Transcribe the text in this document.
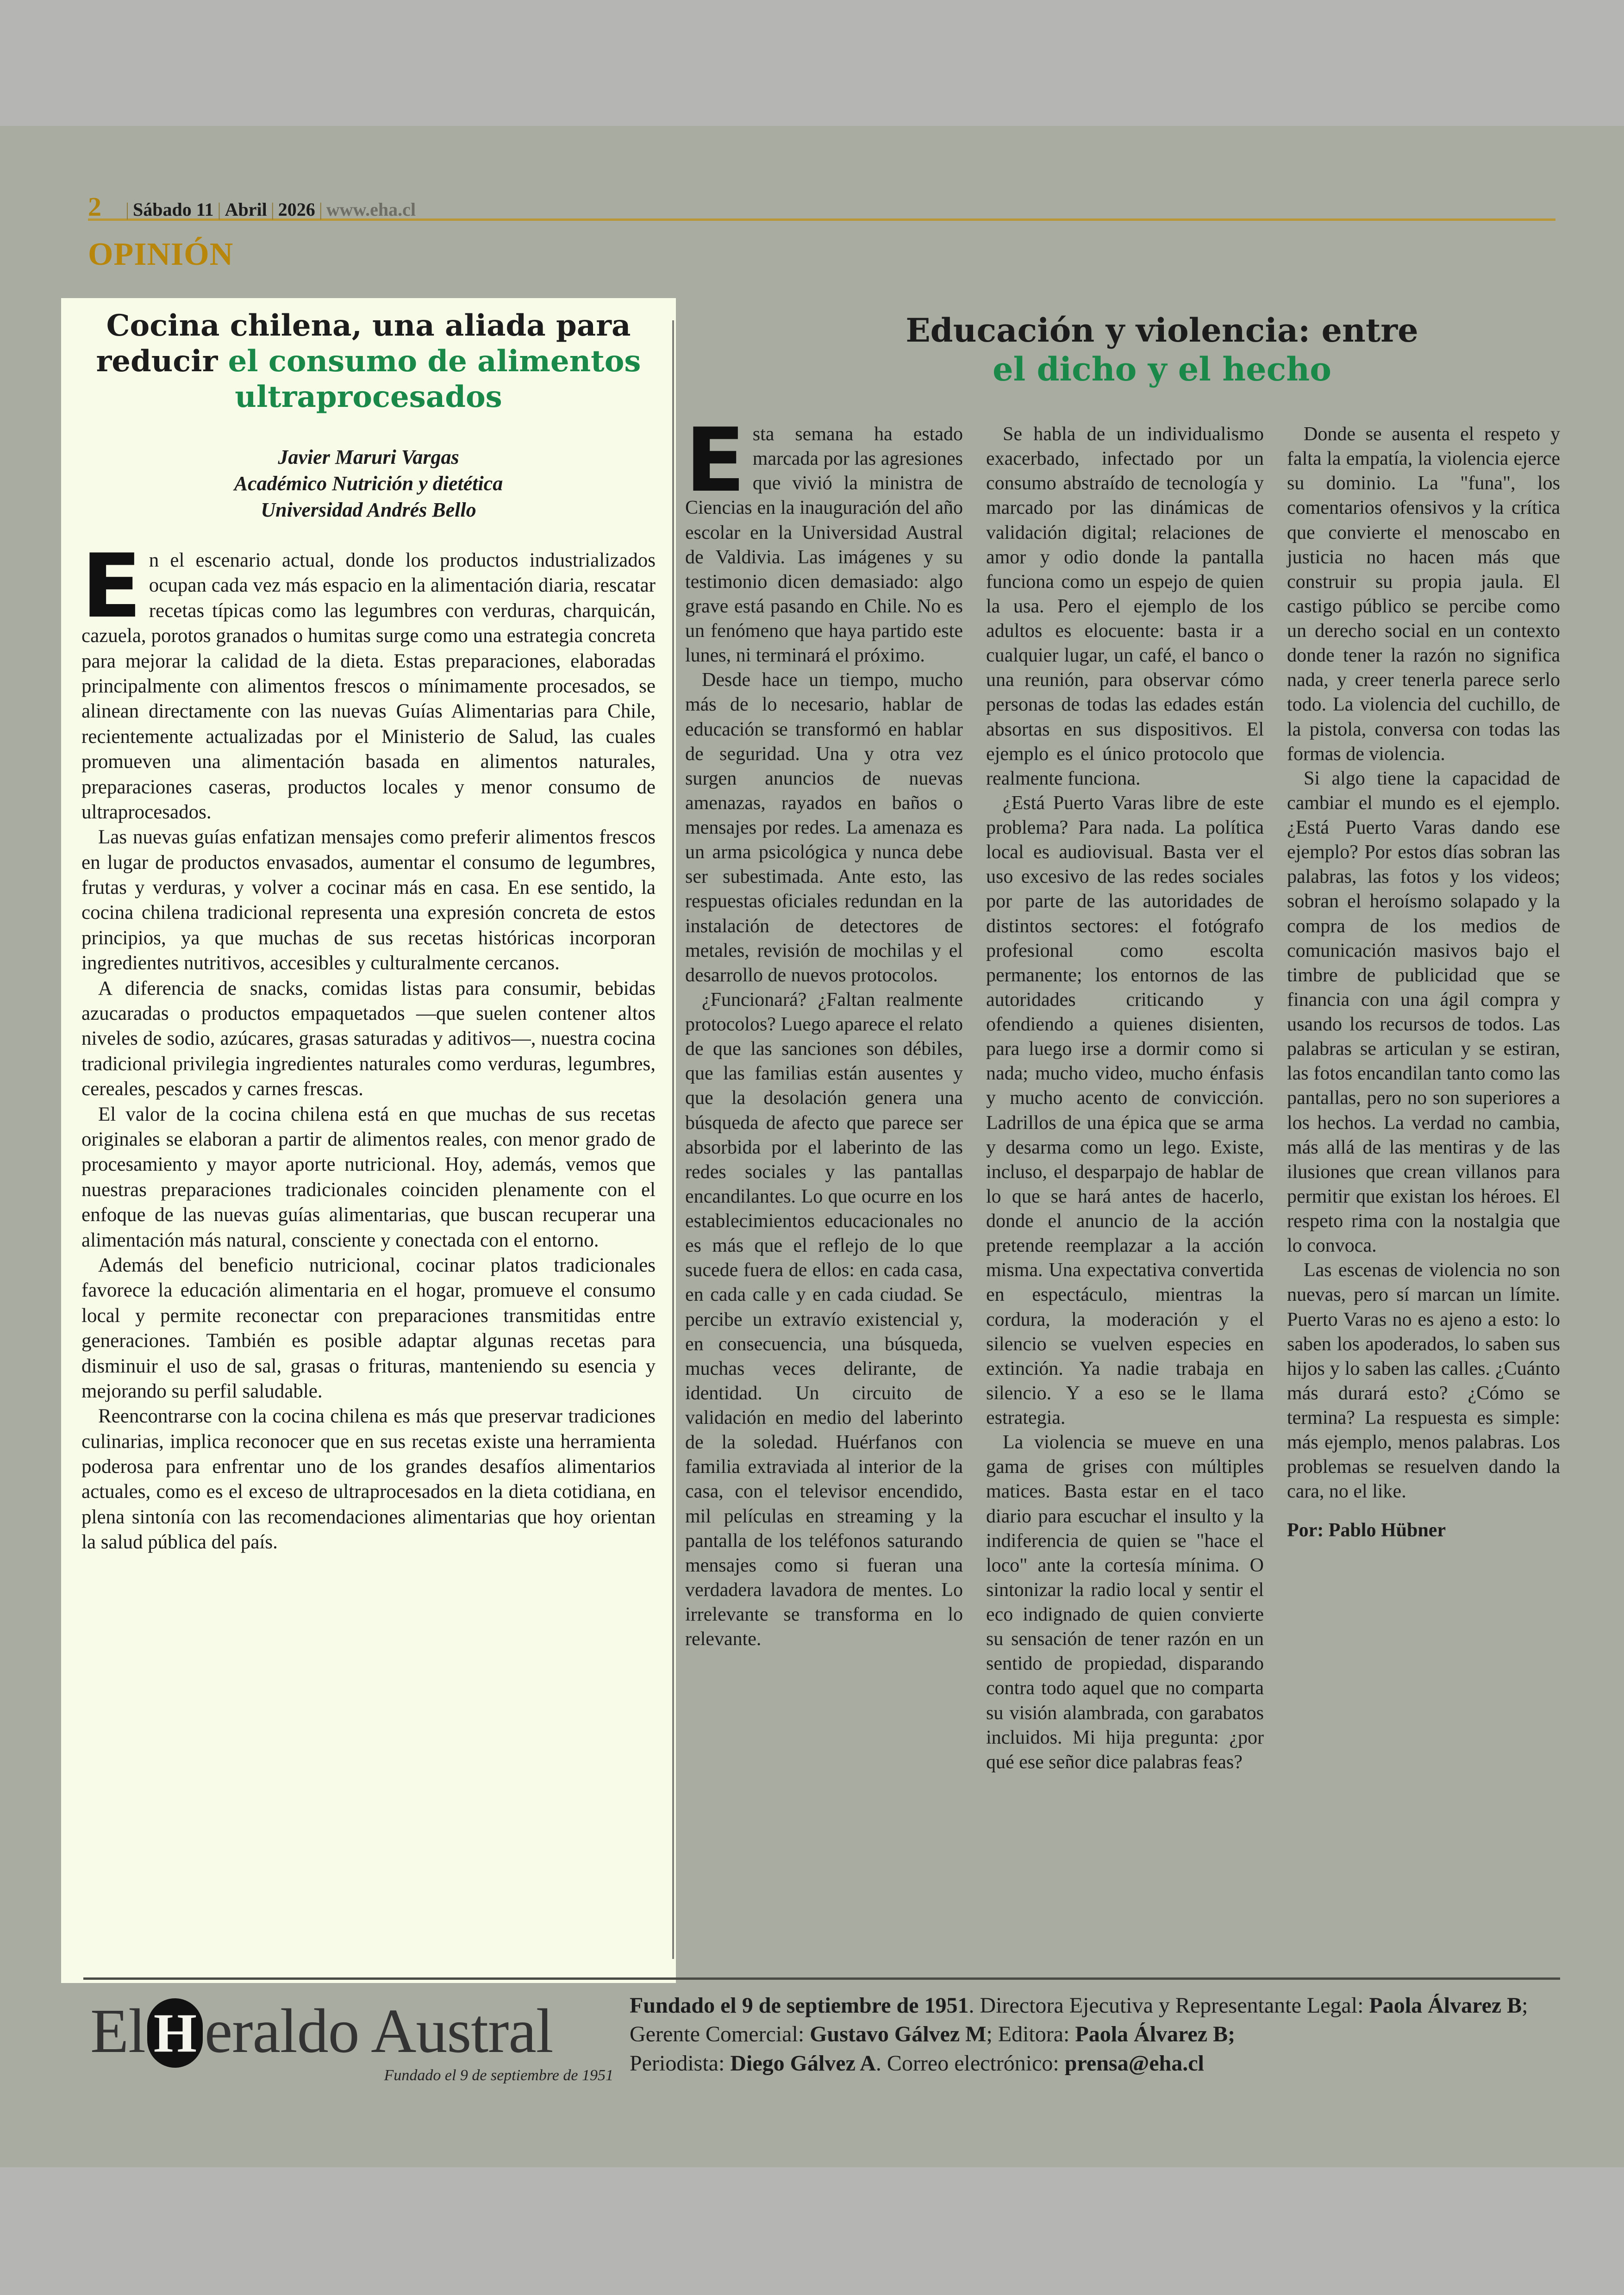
2 | Sábado 11 | Abril | 2026 | www.eha.cl
OPINIÓN
Cocina chilena, una aliada para reducir el consumo de alimentos ultraprocesados
Javier Maruri Vargas
Académico Nutrición y dietética
Universidad Andrés Bello

En el escenario actual, donde los productos industrializados ocupan cada vez más espacio en la alimentación diaria, rescatar recetas típicas como las legumbres con verduras, charquicán, cazuela, porotos granados o humitas surge como una estrategia concreta para mejorar la calidad de la dieta. Estas preparaciones, elaboradas principalmente con alimentos frescos o mínimamente procesados, se alinean directamente con las nuevas Guías Alimentarias para Chile, recientemente actualizadas por el Ministerio de Salud, las cuales promueven una alimentación basada en alimentos naturales, preparaciones caseras, productos locales y menor consumo de ultraprocesados.

Las nuevas guías enfatizan mensajes como preferir alimentos frescos en lugar de productos envasados, aumentar el consumo de legumbres, frutas y verduras, y volver a cocinar más en casa. En ese sentido, la cocina chilena tradicional representa una expresión concreta de estos principios, ya que muchas de sus recetas históricas incorporan ingredientes nutritivos, accesibles y culturalmente cercanos.

A diferencia de snacks, comidas listas para consumir, bebidas azucaradas o productos empaquetados —que suelen contener altos niveles de sodio, azúcares, grasas saturadas y aditivos—, nuestra cocina tradicional privilegia ingredientes naturales como verduras, legumbres, cereales, pescados y carnes frescas.

El valor de la cocina chilena está en que muchas de sus recetas originales se elaboran a partir de alimentos reales, con menor grado de procesamiento y mayor aporte nutricional. Hoy, además, vemos que nuestras preparaciones tradicionales coinciden plenamente con el enfoque de las nuevas guías alimentarias, que buscan recuperar una alimentación más natural, consciente y conectada con el entorno.

Además del beneficio nutricional, cocinar platos tradicionales favorece la educación alimentaria en el hogar, promueve el consumo local y permite reconectar con preparaciones transmitidas entre generaciones. También es posible adaptar algunas recetas para disminuir el uso de sal, grasas o frituras, manteniendo su esencia y mejorando su perfil saludable.

Reencontrarse con la cocina chilena es más que preservar tradiciones culinarias, implica reconocer que en sus recetas existe una herramienta poderosa para enfrentar uno de los grandes desafíos alimentarios actuales, como es el exceso de ultraprocesados en la dieta cotidiana, en plena sintonía con las recomendaciones alimentarias que hoy orientan la salud pública del país.

Educación y violencia: entre
el dicho y el hecho

Esta semana ha estado marcada por las agresiones que vivió la ministra de Ciencias en la inauguración del año escolar en la Universidad Austral de Valdivia. Las imágenes y su testimonio dicen demasiado: algo grave está pasando en Chile. No es un fenómeno que haya partido este lunes, ni terminará el próximo.

Desde hace un tiempo, mucho más de lo necesario, hablar de educación se transformó en hablar de seguridad. Una y otra vez surgen anuncios de nuevas amenazas, rayados en baños o mensajes por redes. La amenaza es un arma psicológica y nunca debe ser subestimada. Ante esto, las respuestas oficiales redundan en la instalación de detectores de metales, revisión de mochilas y el desarrollo de nuevos protocolos.

¿Funcionará? ¿Faltan realmente protocolos? Luego aparece el relato de que las sanciones son débiles, que las familias están ausentes y que la desolación genera una búsqueda de afecto que parece ser absorbida por el laberinto de las redes sociales y las pantallas encandilantes. Lo que ocurre en los establecimientos educacionales no es más que el reflejo de lo que sucede fuera de ellos: en cada casa, en cada calle y en cada ciudad. Se percibe un extravío existencial y, en consecuencia, una búsqueda, muchas veces delirante, de identidad. Un circuito de validación en medio del laberinto de la soledad. Huérfanos con familia extraviada al interior de la casa, con el televisor encendido, mil películas en streaming y la pantalla de los teléfonos saturando mensajes como si fueran una verdadera lavadora de mentes. Lo irrelevante se transforma en lo relevante.

Se habla de un individualismo exacerbado, infectado por un consumo abstraído de tecnología y marcado por las dinámicas de validación digital; relaciones de amor y odio donde la pantalla funciona como un espejo de quien la usa. Pero el ejemplo de los adultos es elocuente: basta ir a cualquier lugar, un café, el banco o una reunión, para observar cómo personas de todas las edades están absortas en sus dispositivos. El ejemplo es el único protocolo que realmente funciona.

¿Está Puerto Varas libre de este problema? Para nada. La política local es audiovisual. Basta ver el uso excesivo de las redes sociales por parte de las autoridades de distintos sectores: el fotógrafo profesional como escolta permanente; los entornos de las autoridades criticando y ofendiendo a quienes disienten, para luego irse a dormir como si nada; mucho video, mucho énfasis y mucho acento de convicción. Ladrillos de una épica que se arma y desarma como un lego. Existe, incluso, el desparpajo de hablar de lo que se hará antes de hacerlo, donde el anuncio de la acción pretende reemplazar a la acción misma. Una expectativa convertida en espectáculo, mientras la cordura, la moderación y el silencio se vuelven especies en extinción. Ya nadie trabaja en silencio. Y a eso se le llama estrategia.

La violencia se mueve en una gama de grises con múltiples matices. Basta estar en el taco diario para escuchar el insulto y la indiferencia de quien se "hace el loco" ante la cortesía mínima. O sintonizar la radio local y sentir el eco indignado de quien convierte su sensación de tener razón en un sentido de propiedad, disparando contra todo aquel que no comparta su visión alambrada, con garabatos incluidos. Mi hija pregunta: ¿por qué ese señor dice palabras feas?

Donde se ausenta el respeto y falta la empatía, la violencia ejerce su dominio. La "funa", los comentarios ofensivos y la crítica que convierte el menoscabo en justicia no hacen más que construir su propia jaula. El castigo público se percibe como un derecho social en un contexto donde tener la razón no significa nada, y creer tenerla parece serlo todo. La violencia del cuchillo, de la pistola, conversa con todas las formas de violencia.

Si algo tiene la capacidad de cambiar el mundo es el ejemplo. ¿Está Puerto Varas dando ese ejemplo? Por estos días sobran las palabras, las fotos y los videos; sobran el heroísmo solapado y la compra de los medios de comunicación masivos bajo el timbre de publicidad que se financia con una ágil compra y usando los recursos de todos. Las palabras se articulan y se estiran, las fotos encandilan tanto como las pantallas, pero no son superiores a los hechos. La verdad no cambia, más allá de las mentiras y de las ilusiones que crean villanos para permitir que existan los héroes. El respeto rima con la nostalgia que lo convoca.

Las escenas de violencia no son nuevas, pero sí marcan un límite. Puerto Varas no es ajeno a esto: lo saben los apoderados, lo saben sus hijos y lo saben las calles. ¿Cuánto más durará esto? ¿Cómo se termina? La respuesta es simple: más ejemplo, menos palabras. Los problemas se resuelven dando la cara, no el like.

Por: Pablo Hübner
El H eraldo Austral
Fundado el 9 de septiembre de 1951
Fundado el 9 de septiembre de 1951. Directora Ejecutiva y Representante Legal: Paola Álvarez B; Gerente Comercial: Gustavo Gálvez M; Editora: Paola Álvarez B;
Periodista: Diego Gálvez A. Correo electrónico: prensa@eha.cl
